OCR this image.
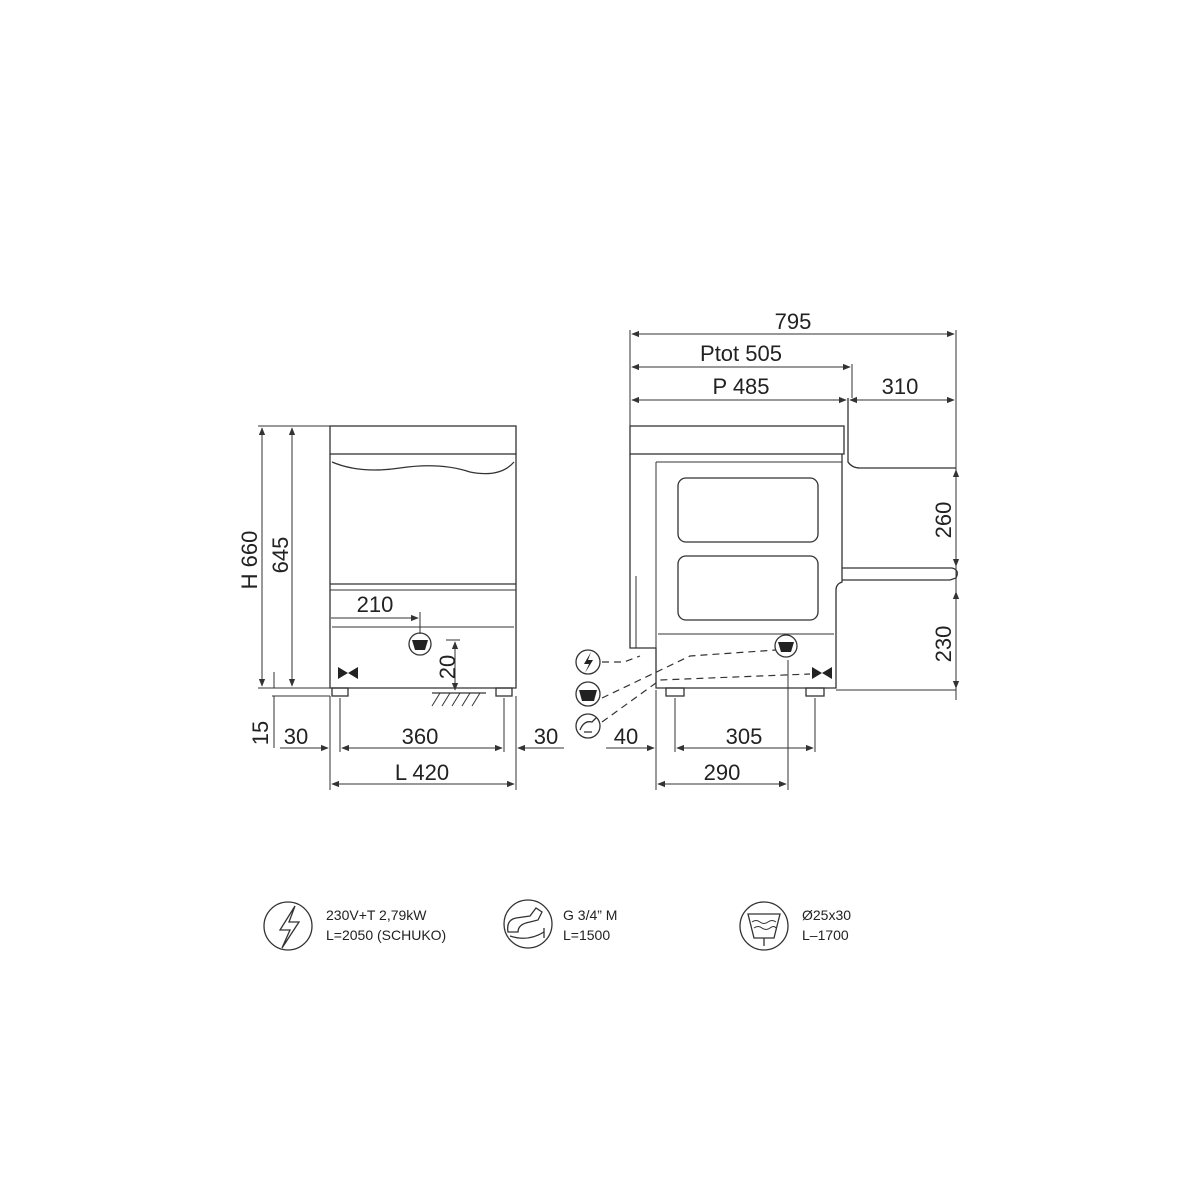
210
20
H 660 645
15 30	360	30
L 420
795
Ptot 505
P 485	310
260
230
40	305
290
230V+T 2,79kW
L=2050 (SCHUKO)
G 3/4” M
L=1500
Ø25x30
L–1700
